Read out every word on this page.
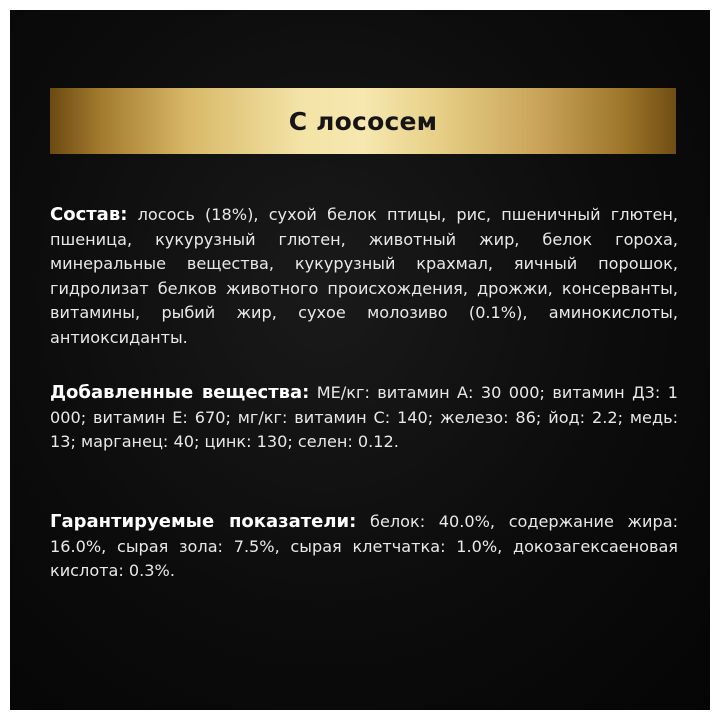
С лососем

Состав: лосось (18%), сухой белок птицы, рис, пшеничный глютен, пшеница, кукурузный глютен, животный жир, белок гороха, минеральные вещества, кукурузный крахмал, яичный порошок, гидролизат белков животного происхождения, дрожжи, консерванты, витамины, рыбий жир, сухое молозиво (0.1%), аминокислоты, антиоксиданты.

Добавленные вещества: МЕ/кг: витамин А: 30 000; витамин Д3: 1 000; витамин Е: 670; мг/кг: витамин С: 140; железо: 86; йод: 2.2; медь: 13; марганец: 40; цинк: 130; селен: 0.12.

Гарантируемые показатели: белок: 40.0%, содержание жира: 16.0%, сырая зола: 7.5%, сырая клетчатка: 1.0%, докозагексаеновая кислота: 0.3%.
